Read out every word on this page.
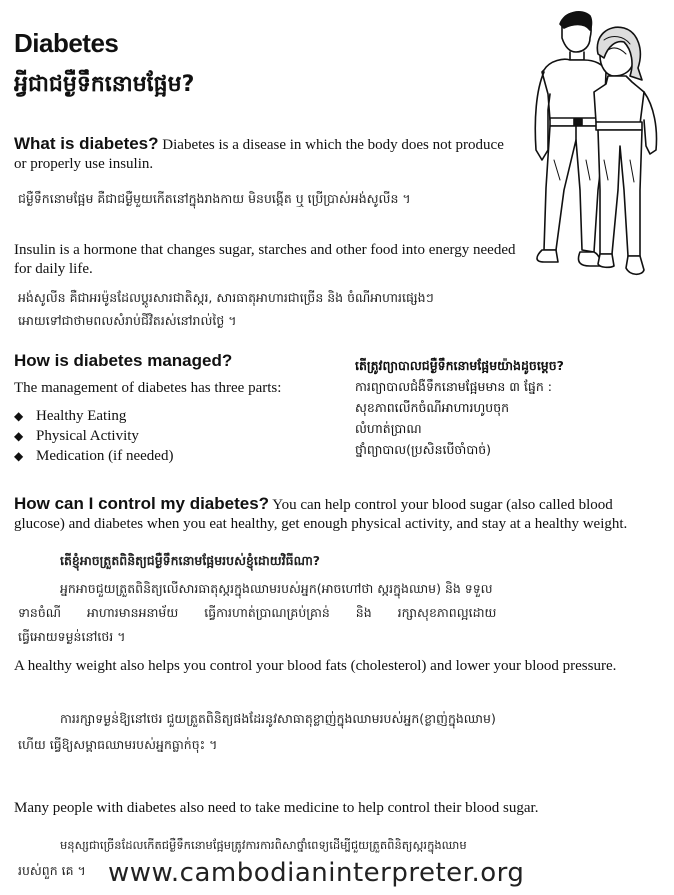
Diabetes
អ្វីជាជម្ងឺទឹកនោមផ្អែម?
What is diabetes? Diabetes is a disease in which the body does not produce or properly use insulin.
ជម្ងឺទឹកនោមផ្អែម គឺជាជម្ងឺមួយកើតនៅក្នុងរាងកាយ មិនបង្កើត ឬ ប្រើប្រាស់អង់សូលីន ។
Insulin is a hormone that changes sugar, starches and other food into energy needed for daily life.
អង់សូលីន គឺជាអរម៉ូនដែលប្ដូរសារជាតិស្ករ, សារធាតុអាហារជាច្រើន និង ចំណីអាហារផ្សេងៗ
អោយទៅជាថាមពលសំរាប់ជីវិតរស់នៅរាល់ថ្ងៃ ។
How is diabetes managed?
The management of diabetes has three parts:
◆ Healthy Eating
◆ Physical Activity
◆ Medication (if needed)
តើត្រូវព្យាបាលជម្ងឺទឹកនោមផ្អែមយ៉ាងដូចម្ដេច?
ការព្យាបាលជំងឺទឹកនោមផ្អែមមាន ៣ ផ្នែក :
សុខភាពលើកចំណីអាហារហូបចុក
លំហាត់ប្រាណ
ថ្នាំព្យាបាល(ប្រសិនបើចាំបាច់)
How can I control my diabetes? You can help control your blood sugar (also called blood glucose) and diabetes when you eat healthy, get enough physical activity, and stay at a healthy weight.
តើខ្ញុំអាចត្រួតពិនិត្យជម្ងឺទឹកនោមផ្អែមរបស់ខ្ញុំដោយវិធីណា?
អ្នកអាចជួយត្រួតពិនិត្យលើសារធាតុស្ករក្នុងឈាមរបស់អ្នក(អាចហៅថា ស្ករក្នុងឈាម) និង ទទួល
ទានចំណី អាហារមានអនាម័យ ធ្វើការហាត់ប្រាណគ្រប់គ្រាន់ និង រក្សាសុខភាពល្អដោយ
ធ្វើអោយទម្ងន់នៅថេរ ។
A healthy weight also helps you control your blood fats (cholesterol) and lower your blood pressure.
ការរក្សាទម្ងន់ឱ្យនៅថេរ ជួយត្រួតពិនិត្យផងដែរនូវសាធាតុខ្លាញ់ក្នុងឈាមរបស់អ្នក(ខ្លាញ់ក្នុងឈាម)
ហើយ ធ្វើឱ្យសម្ពាធឈាមរបស់អ្នកធ្លាក់ចុះ ។
Many people with diabetes also need to take medicine to help control their blood sugar.
មនុស្សជាច្រើនដែលកើតជម្ងឺទឹកនោមផ្អែមត្រូវការការពិសាថ្នាំពេទ្យដើម្បីជួយត្រួតពិនិត្យស្ករក្នុងឈាម
របស់ពួក គេ ។ www.cambodianinterpreter.org
